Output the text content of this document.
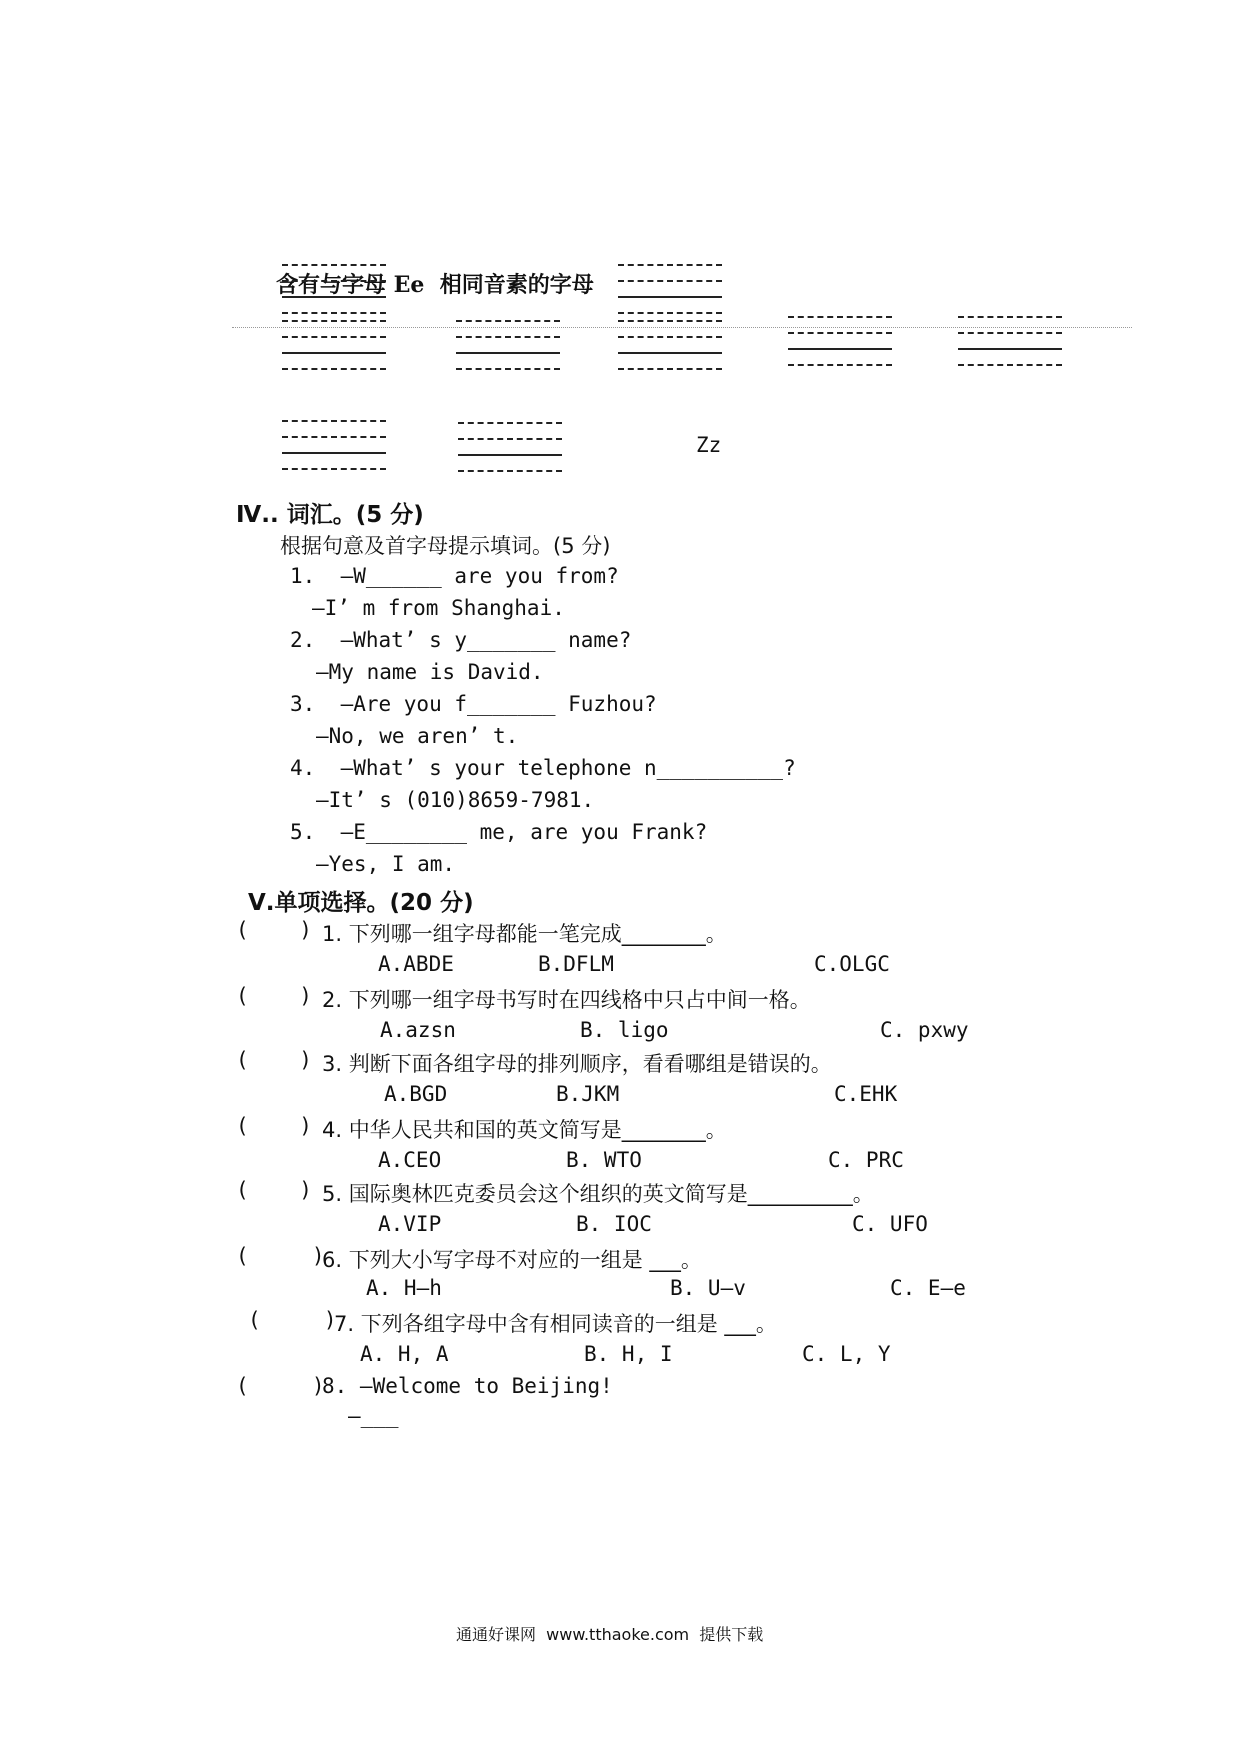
含有与字母 Ee  相同音素的字母
Zz
Ⅳ.. 词汇。(5 分)
根据句意及首字母提示填词。(5 分)
1.  —W______ are you from?
—I’ m from Shanghai.
2.  —What’ s y_______ name?
—My name is David.
3.  —Are you f_______ Fuzhou?
—No, we aren’ t.
4.  —What’ s your telephone n__________?
—It’ s (010)8659-7981.
5.  —E________ me, are you Frank?
—Yes, I am.
Ⅴ.单项选择。(20 分)
(    ) 1. 下列哪一组字母都能一笔完成________。
A.ABDE	B.DFLM	C.OLGC
(    ) 2. 下列哪一组字母书写时在四线格中只占中间一格。
A.azsn	B. ligo	C. pxwy
(    ) 3. 判断下面各组字母的排列顺序，看看哪组是错误的。
A.BGD	B.JKM	C.EHK
(    ) 4. 中华人民共和国的英文简写是________。
A.CEO	B. WTO	C. PRC
(    ) 5. 国际奥林匹克委员会这个组织的英文简写是__________。
A.VIP	B. IOC	C. UFO
(     )
6. 下列大小写字母不对应的一组是 ___。
A. H—h	B. U—v	C. E—e
(     )
7. 下列各组字母中含有相同读音的一组是 ___。
A. H, A	B. H, I	C. L, Y
(     )
8. —Welcome to Beijing!
—___
通通好课网  www.tthaoke.com  提供下载
